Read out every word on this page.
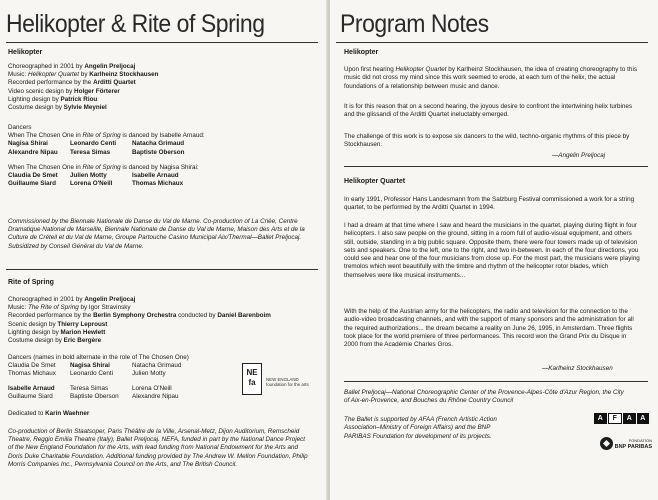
Helikopter & Rite of Spring
Helikopter
Choreographed in 2001 by Angelin Preljocaj
Music: Helikopter Quartet by Karlheinz Stockhausen
Recorded performance by the Arditti Quartet
Video scenic design by Holger Förterer
Lighting design by Patrick Riou
Costume design by Sylvie Meyniel
Dancers
When The Chosen One in Rite of Spring is danced by Isabelle Arnaud:
Nagisa Shirai	Leonardo Centi	Natacha Grimaud
Alexandre Nipau	Teresa Simas	Baptiste Oberson
When The Chosen One in Rite of Spring is danced by Nagisa Shirai:
Claudia De Smet	Julien Motty	Isabelle Arnaud
Guillaume Siard	Lorena O'Neill	Thomas Michaux
Commissioned by the Biennale Nationale de Danse du Val de Marne. Co-production of La Criée, Centre Dramatique National de Marseille, Biennale Nationale de Danse du Val de Marne, Maison des Arts et de la Culture de Créteil et du Val de Marne, Groupe Partouche Casino Municipal Aix/Thermal—Ballet Preljocaj. Subsidized by Conseil Général du Val de Marne.
Rite of Spring
Choreographed in 2001 by Angelin Preljocaj
Music: The Rite of Spring by Igor Stravinsky
Recorded performance by the Berlin Symphony Orchestra conducted by Daniel Barenboim
Scenic design by Thierry Leproust
Lighting design by Marion Hewlett
Costume design by Eric Bergère
Dancers (names in bold alternate in the role of The Chosen One)
Claudia De Smet	Nagisa Shirai	Natacha Grimaud
Thomas Michaux	Leonardo Centi	Julien Motty
Isabelle Arnaud	Teresa Simas	Lorena O'Neill
Guillaume Siard	Baptiste Oberson	Alexandre Nipau
Dedicated to Karin Waehner
NE fa	NEW ENGLAND foundation for the arts
Co-production of Berlin Staatsoper, Paris Théâtre de la Ville, Arsenal-Metz, Dijon Auditorium, Remscheid Theatre, Reggio Emilia Theatre (Italy), Ballet Preljocaj. NEFA, funded in part by the National Dance Project of the New England Foundation for the Arts, with lead funding from National Endowment for the Arts and Doris Duke Charitable Foundation. Additional funding provided by The Andrew W. Mellon Foundation, Philip Morris Companies Inc., Pennsylvania Council on the Arts, and The British Council.
Program Notes
Helikopter
Upon first hearing Helikopter Quartet by Karlheinz Stockhausen, the idea of creating choreography to this music did not cross my mind since this work seemed to erode, at each turn of the helix, the actual foundations of a relationship between music and dance.
It is for this reason that on a second hearing, the joyous desire to confront the intertwining helix turbines and the glissandi of the Arditti Quartet ineluctably emerged.
The challenge of this work is to expose six dancers to the wild, techno-organic rhythms of this piece by Stockhausen.
—Angelin Preljocaj
Helikopter Quartet
In early 1991, Professor Hans Landesmann from the Salzburg Festival commissioned a work for a string quartet, to be performed by the Arditti Quartet in 1994.
I had a dream at that time where I saw and heard the musicians in the quartet, playing during flight in four helicopters. I also saw people on the ground, sitting in a room full of audio-visual equipment, and others still, outside, standing in a big public square. Opposite them, there were four towers made up of television sets and speakers. One to the left, one to the right, and two in-between. In each of the four directions, you could see and hear one of the four musicians from close up. For the most part, the musicians were playing tremolos which went beautifully with the timbre and rhythm of the helicopter rotor blades, which themselves were like musical instruments...
With the help of the Austrian army for the helicopters, the radio and television for the connection to the audio-video broadcasting channels, and with the support of many sponsors and the administration for all the required authorizations... the dream became a reality on June 26, 1995, in Amsterdam. Three flights took place for the world premiere of three performances. This record won the Grand Prix du Disque in 2000 from the Académie Charles Gros.
—Karlheinz Stockhausen
Ballet Preljocaj—National Choreographic Center of the Provence-Alpes-Côte d'Azur Region, the City of Aix-en-Provence, and Bouches du Rhône Country Council
The Ballet is supported by AFAA (French Artistic Action Association–Ministry of Foreign Affairs) and the BNP PARIBAS Foundation for development of its projects.
A	F	A	A
FONDATION
BNP PARIBAS
